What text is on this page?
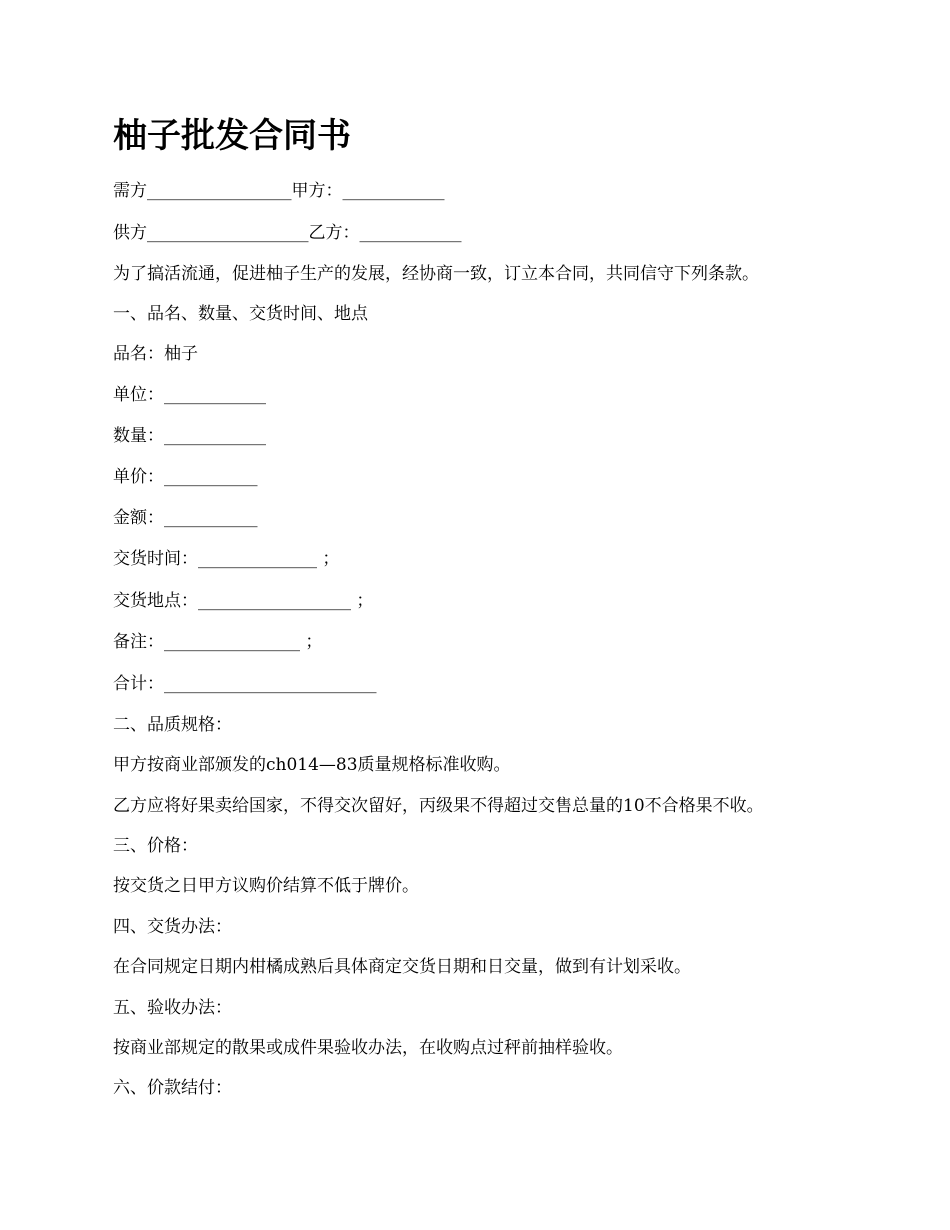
柚子批发合同书

需方_________________甲方：____________

供方___________________乙方：____________

为了搞活流通，促进柚子生产的发展，经协商一致，订立本合同，共同信守下列条款。

一、品名、数量、交货时间、地点

品名：柚子

单位：____________

数量：____________

单价：___________

金额：___________

交货时间：______________ ；

交货地点：__________________ ；

备注：________________ ；

合计：_________________________

二、品质规格：

甲方按商业部颁发的ch014—83质量规格标准收购。

乙方应将好果卖给国家，不得交次留好，丙级果不得超过交售总量的10不合格果不收。

三、价格：

按交货之日甲方议购价结算不低于牌价。

四、交货办法：

在合同规定日期内柑橘成熟后具体商定交货日期和日交量，做到有计划采收。

五、验收办法：

按商业部规定的散果或成件果验收办法，在收购点过秤前抽样验收。

六、价款结付：
